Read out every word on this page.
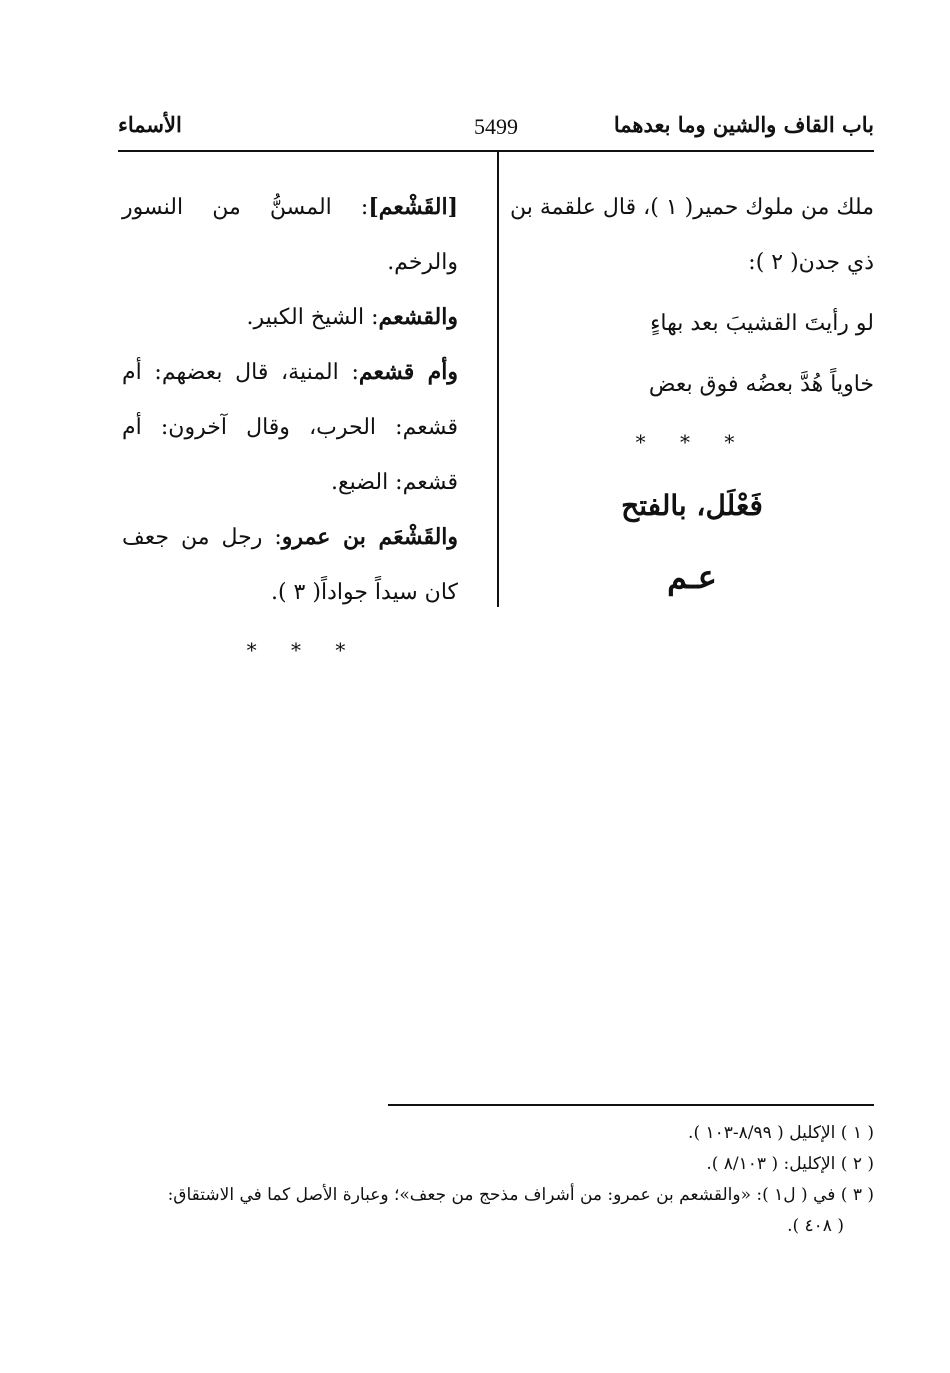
باب القاف والشين وما بعدهما
5499
الأسماء

ملك من ملوك حمير( ١ )، قال علقمة بن

ذي جدن( ٢ ):

لو رأيتَ القشيبَ بعد بهاءٍ

خاوياً هُدَّ بعضُه فوق بعض

* * *
فَعْلَل، بالفتح
عـم

[القَشْعم]: المسنُّ من النسور والرخم.

والقشعم: الشيخ الكبير.

وأم قشعم: المنية، قال بعضهم: أم قشعم: الحرب، وقال آخرون: أم قشعم: الضبع.

والقَشْعَم بن عمرو: رجل من جعف كان سيداً جواداً( ٣ ).

* * *

( ١ ) الإكليل ( ٨/٩٩-١٠٣ ).

( ٢ ) الإكليل: ( ٨/١٠٣ ).

( ٣ ) في ( ل١ ): «والقشعم بن عمرو: من أشراف مذحج من جعف»؛ وعبارة الأصل كما في الاشتقاق:

( ٤٠٨ ).
